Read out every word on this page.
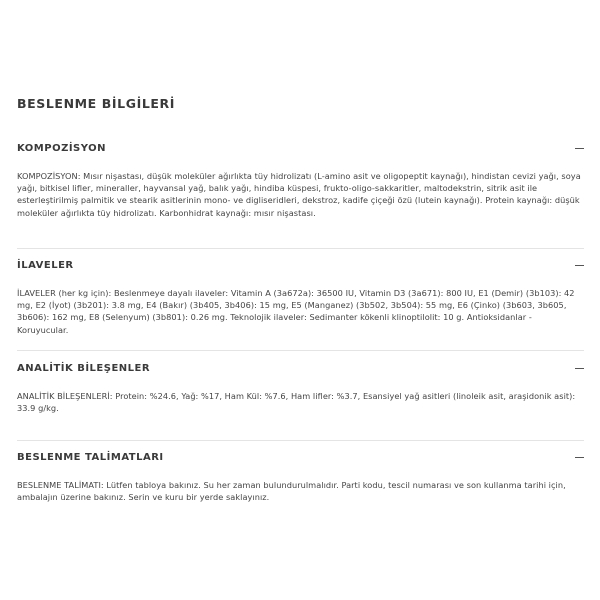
BESLENME BİLGİLERİ
KOMPOZİSYON
KOMPOZİSYON: Mısır nişastası, düşük moleküler ağırlıkta tüy hidrolizatı (L-amino asit ve oligopeptit kaynağı), hindistan cevizi yağı, soya yağı, bitkisel lifler, mineraller, hayvansal yağ, balık yağı, hindiba küspesi, frukto-oligo-sakkaritler, maltodekstrin, sitrik asit ile esterleştirilmiş palmitik ve stearik asitlerinin mono- ve digliseridleri, dekstroz, kadife çiçeği özü (lutein kaynağı). Protein kaynağı: düşük moleküler ağırlıkta tüy hidrolizatı. Karbonhidrat kaynağı: mısır nişastası.
İLAVELER
İLAVELER (her kg için): Beslenmeye dayalı ilaveler: Vitamin A (3a672a): 36500 IU, Vitamin D3 (3a671): 800 IU, E1 (Demir) (3b103): 42 mg, E2 (İyot) (3b201): 3.8 mg, E4 (Bakır) (3b405, 3b406): 15 mg, E5 (Manganez) (3b502, 3b504): 55 mg, E6 (Çinko) (3b603, 3b605, 3b606): 162 mg, E8 (Selenyum) (3b801): 0.26 mg. Teknolojik ilaveler: Sedimanter kökenli klinoptilolit: 10 g. Antioksidanlar - Koruyucular.
ANALİTİK BİLEŞENLER
ANALİTİK BİLEŞENLERİ: Protein: %24.6, Yağ: %17, Ham Kül: %7.6, Ham lifler: %3.7, Esansiyel yağ asitleri (linoleik asit, araşidonik asit): 33.9 g/kg.
BESLENME TALİMATLARI
BESLENME TALİMATI: Lütfen tabloya bakınız. Su her zaman bulundurulmalıdır. Parti kodu, tescil numarası ve son kullanma tarihi için, ambalajın üzerine bakınız. Serin ve kuru bir yerde saklayınız.
